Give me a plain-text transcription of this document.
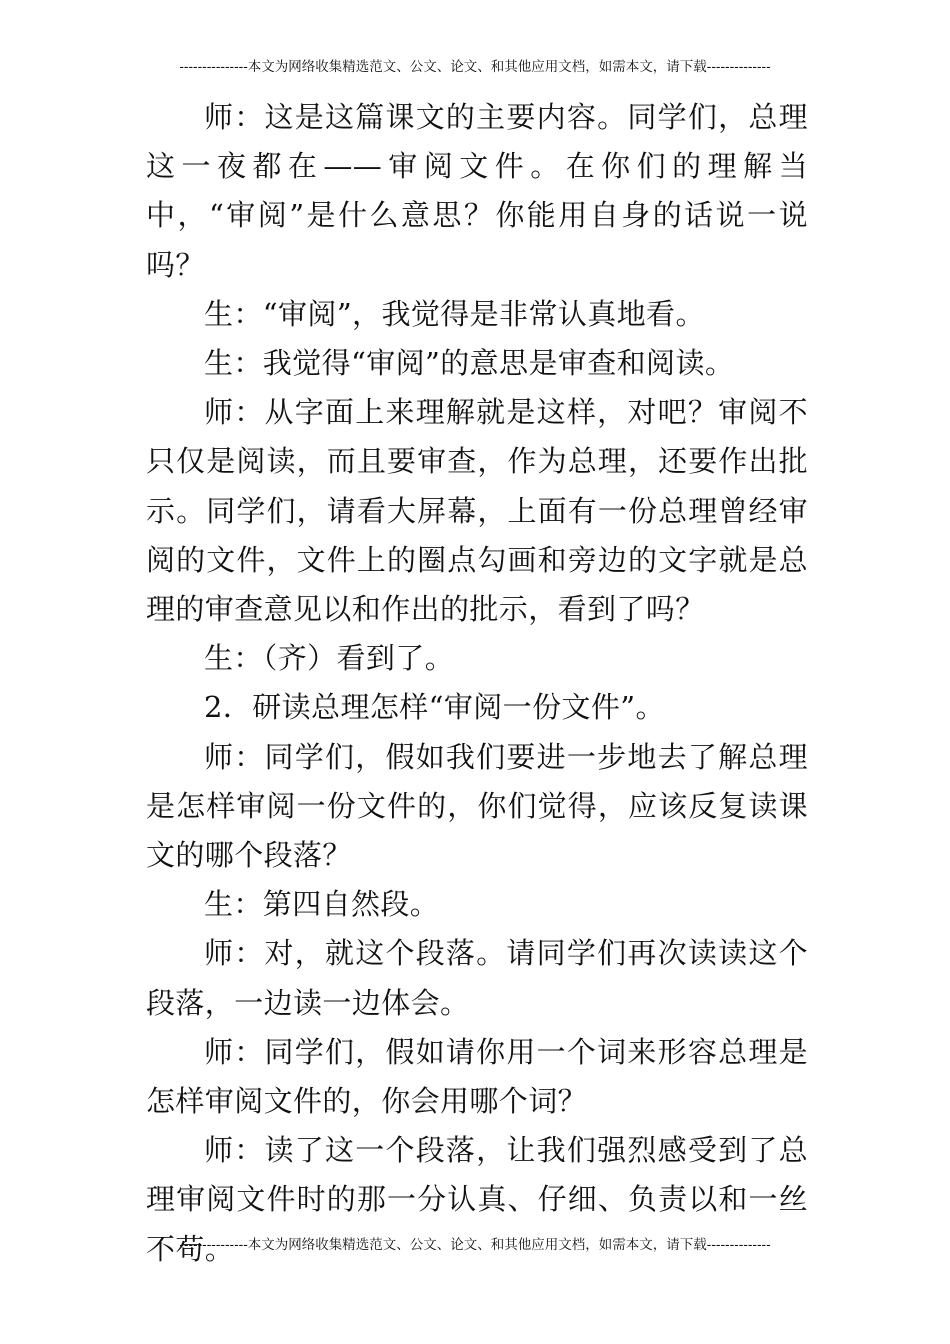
---------------本文为网络收集精选范文、公文、论文、和其他应用文档，如需本文，请下载--------------

师：这是这篇课文的主要内容。同学们，总理这一夜都在——审阅文件。在你们的理解当中，“审阅”是什么意思？你能用自身的话说一说吗？

生：“审阅”，我觉得是非常认真地看。

生：我觉得“审阅”的意思是审查和阅读。

师：从字面上来理解就是这样，对吧？审阅不只仅是阅读，而且要审查，作为总理，还要作出批示。同学们，请看大屏幕，上面有一份总理曾经审阅的文件，文件上的圈点勾画和旁边的文字就是总理的审查意见以和作出的批示，看到了吗？

生：（齐）看到了。

2．研读总理怎样“审阅一份文件”。

师：同学们，假如我们要进一步地去了解总理是怎样审阅一份文件的，你们觉得，应该反复读课文的哪个段落？

生：第四自然段。

师：对，就这个段落。请同学们再次读读这个段落，一边读一边体会。

师：同学们，假如请你用一个词来形容总理是怎样审阅文件的，你会用哪个词？

师：读了这一个段落，让我们强烈感受到了总理审阅文件时的那一分认真、仔细、负责以和一丝不苟。

---------------本文为网络收集精选范文、公文、论文、和其他应用文档，如需本文，请下载--------------
